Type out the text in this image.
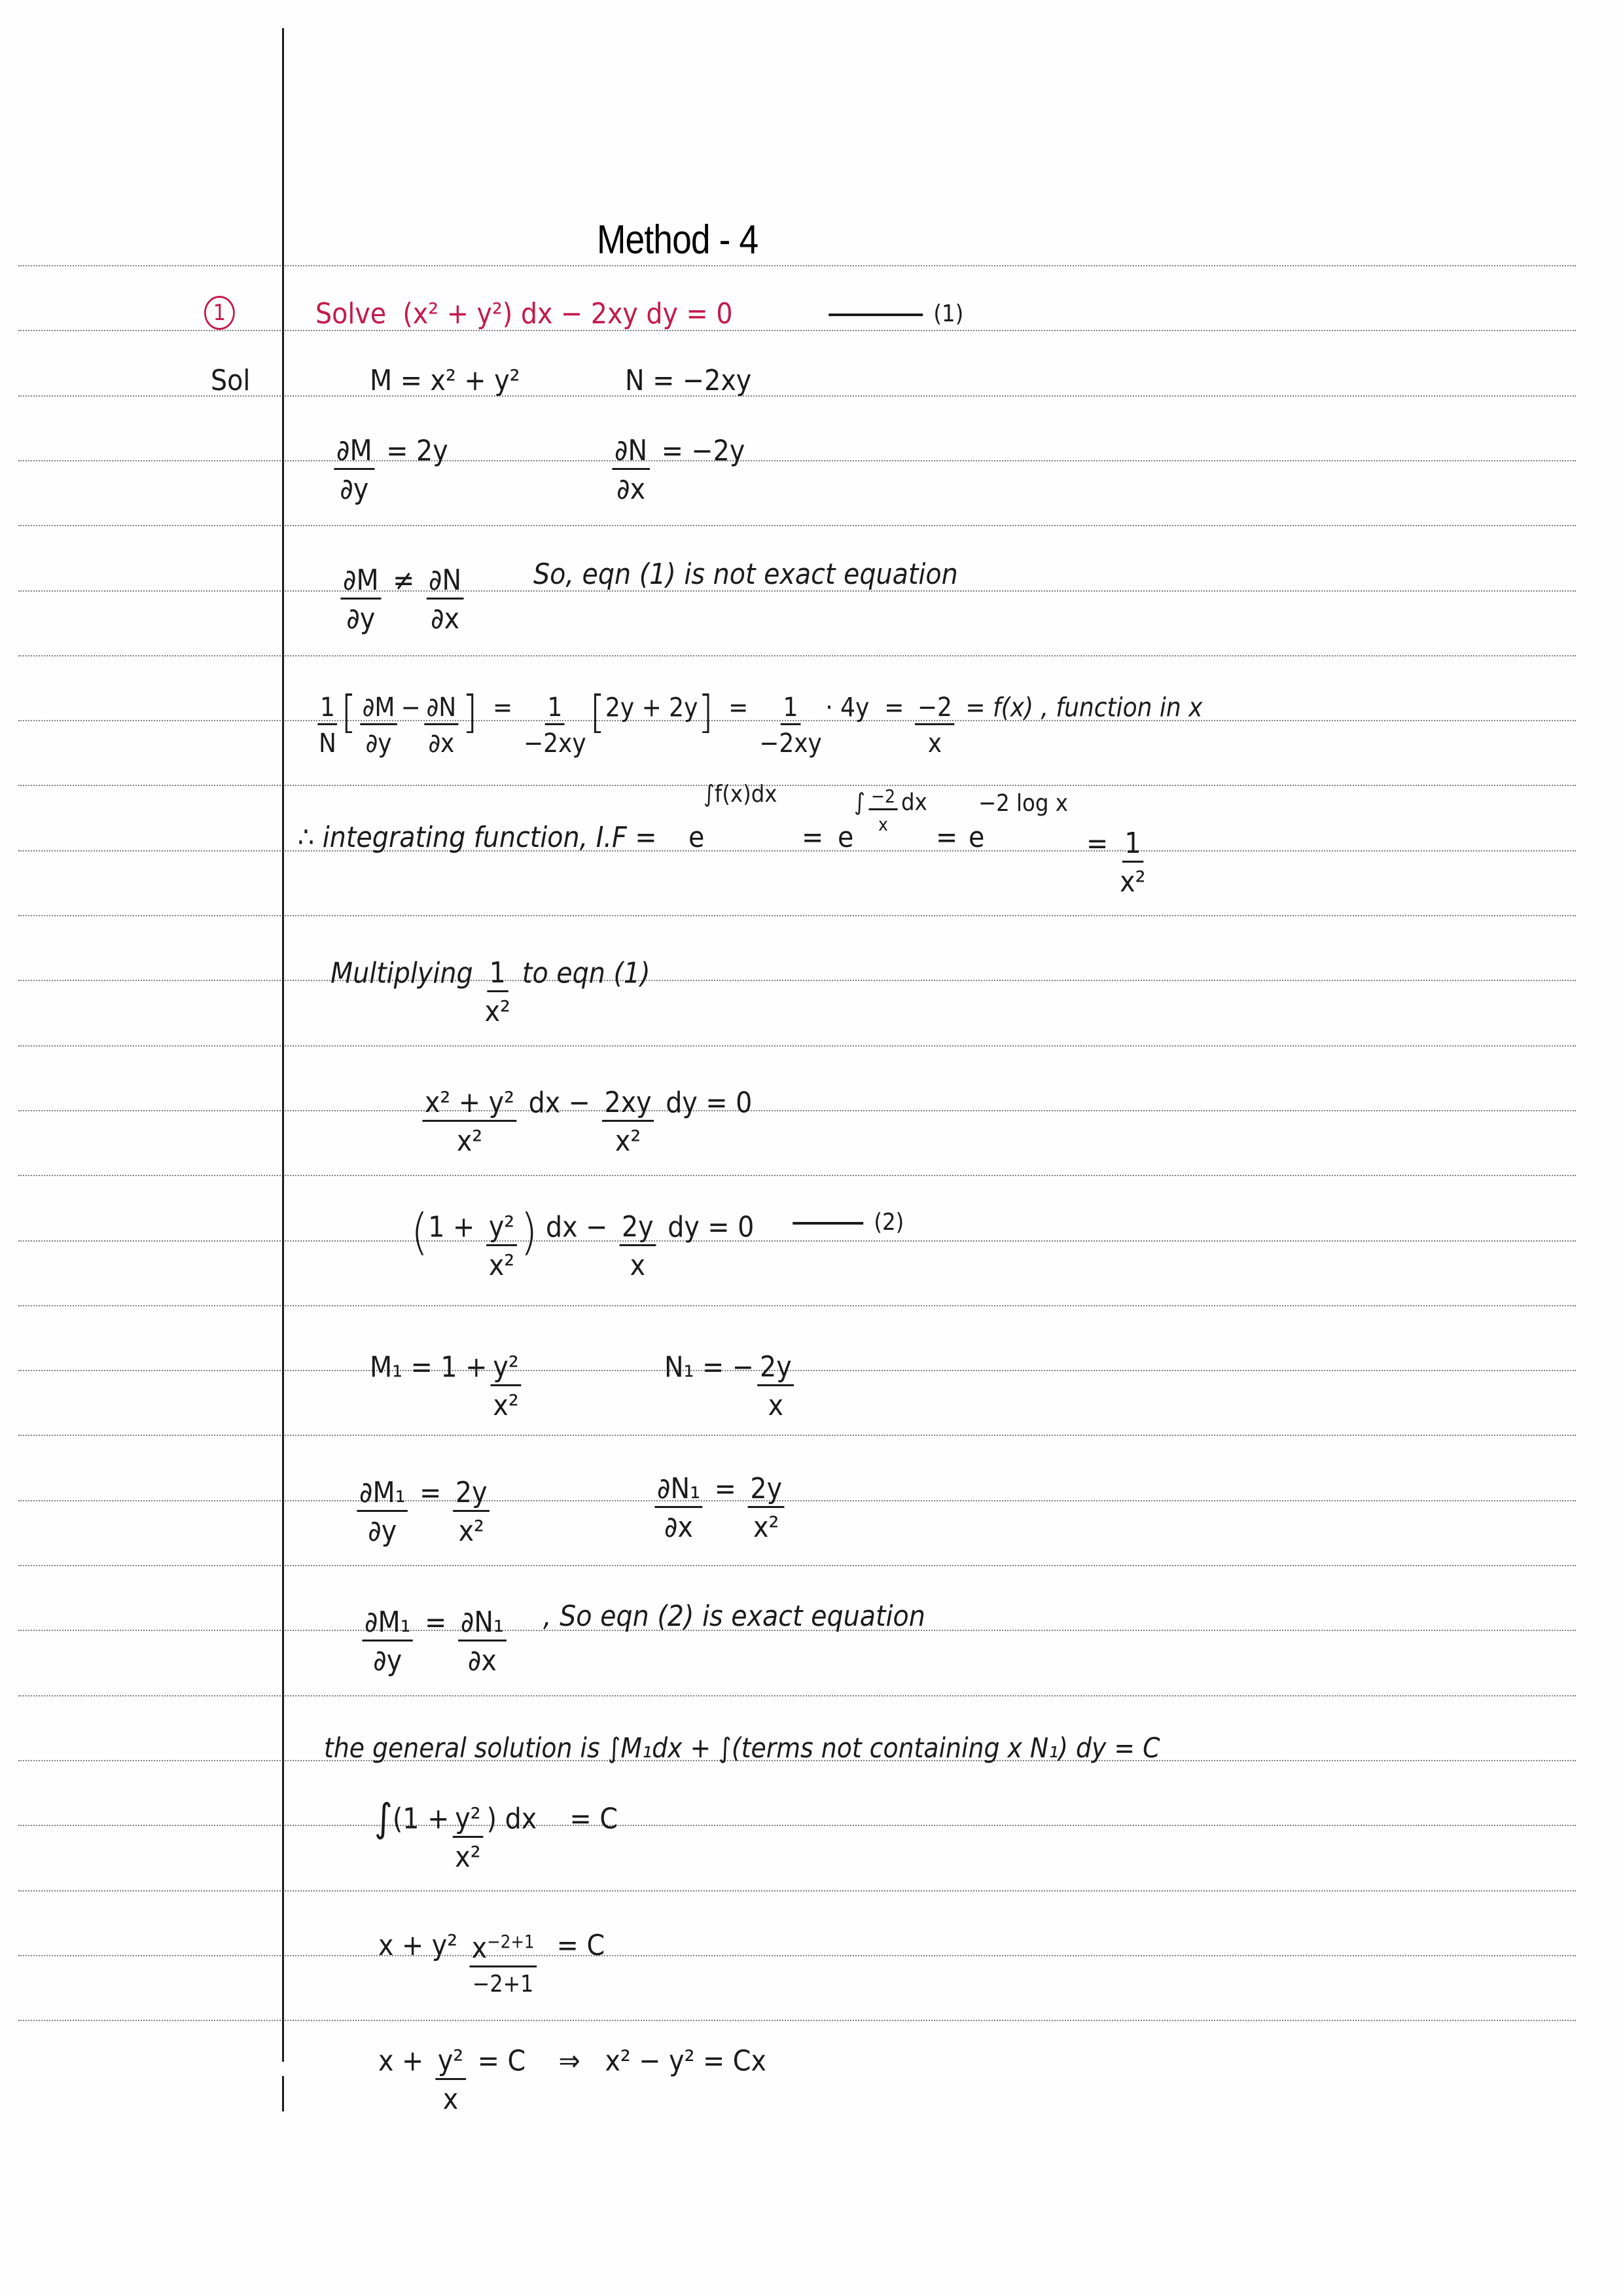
Method - 4
1	Solve (x² + y²) dx − 2xy dy = 0	(1)
Sol	M = x² + y²	N = −2xy
$\frac{\partial M}{\partial y} = 2y$	$\frac{\partial N}{\partial x} = -2y$
$\frac{\partial M}{\partial y} \ne \frac{\partial N}{\partial x} So$, eqn (1) is not exact equation
$\frac{1}{N}$ [ $\frac{\partial M}{\partial y} - \frac{\partial N}{\partial x}$ ]  = $\frac{1}{-2xy} [2y + 2y] = \frac{1}{-2xy} \cdot 4y = \frac{-2}{x} = f(x)$ , function in x
∴ integrating function, I.F = e
∫f(x)dx
= e
∫ $\frac{-2}{x}$ dx
= e
−2 log x
= $\frac{1}{\text{x²}}$
Multiplying $\frac{1}{\text{x²}}$ to eqn (1)
$\frac{\text{x² + y²}}{\text{x²}}$ dx − $\frac{2xy}{\text{x²}}$ dy = 0
($1 + \frac{\text{y²}}{\text{x²}}$ ) dx − $\frac{2y}{x}$ dy = 0	(2)
$M_1 = 1 + \frac{\text{y²}}{\text{x²}}$	N₁ = − $\frac{2y}{x}$
$\frac{\text{∂M₁}}{\partial y} = \frac{2y}{\text{x²}}$	$\frac{\text{∂N₁}}{\partial x} = \frac{2y}{\text{x²}}$
$\frac{\text{∂M₁}}{\partial y} = \frac{\text{∂N₁}}{\partial x}$ , So eqn (2) is exact equation
the general solution is ∫M₁dx + ∫(terms not containing x N₁) dy = C
$\int(1 + \frac{\text{y²}}{\text{x²}}$ ) dx = C
$x + y^2 \frac{x^{-2+1}}{-2+1} = C$
$x + \frac{\text{y²}}{x} = C$ ⇒ x² − y² = Cx
